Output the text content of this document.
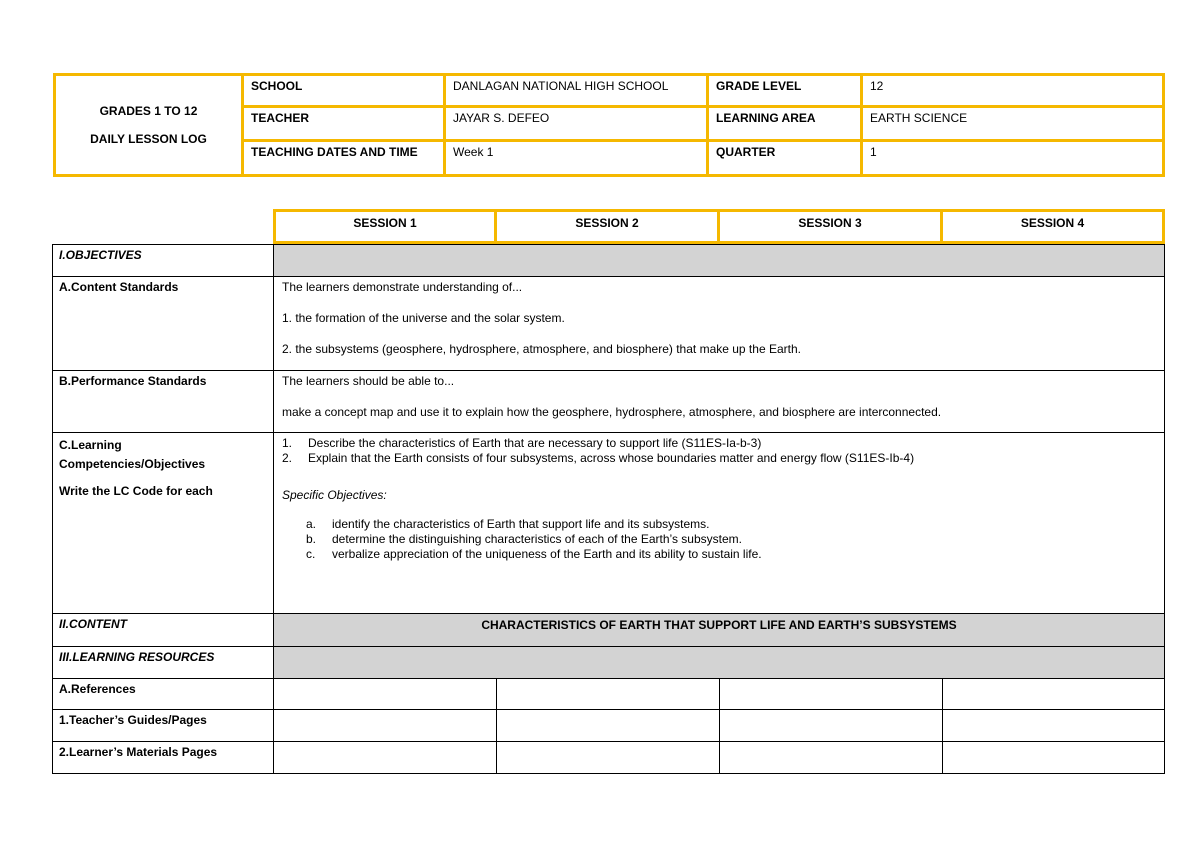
GRADES 1 TO 12
DAILY LESSON LOG
SCHOOL	DANLAGAN NATIONAL HIGH SCHOOL	GRADE LEVEL	12
TEACHER	JAYAR S. DEFEO	LEARNING AREA	EARTH SCIENCE
TEACHING DATES AND TIME	Week 1	QUARTER	1
SESSION 1	SESSION 2	SESSION 3	SESSION 4
I.OBJECTIVES
A.Content Standards	The learners demonstrate understanding of...

1. the formation of the universe and the solar system.

2. the subsystems (geosphere, hydrosphere, atmosphere, and biosphere) that make up the Earth.

B.Performance Standards	The learners should be able to...

make a concept map and use it to explain how the geosphere, hydrosphere, atmosphere, and biosphere are interconnected.

C.Learning
Competencies/Objectives
Write the LC Code for each
1.	Describe the characteristics of Earth that are necessary to support life (S11ES-Ia-b-3)
2.	Explain that the Earth consists of four subsystems, across whose boundaries matter and energy flow (S11ES-Ib-4)
Specific Objectives:
a.	identify the characteristics of Earth that support life and its subsystems.
b.	determine the distinguishing characteristics of each of the Earth’s subsystem.
c.	verbalize appreciation of the uniqueness of the Earth and its ability to sustain life.
II.CONTENT	CHARACTERISTICS OF EARTH THAT SUPPORT LIFE AND EARTH’S SUBSYSTEMS
III.LEARNING RESOURCES
A.References
1.Teacher’s Guides/Pages
2.Learner’s Materials Pages
